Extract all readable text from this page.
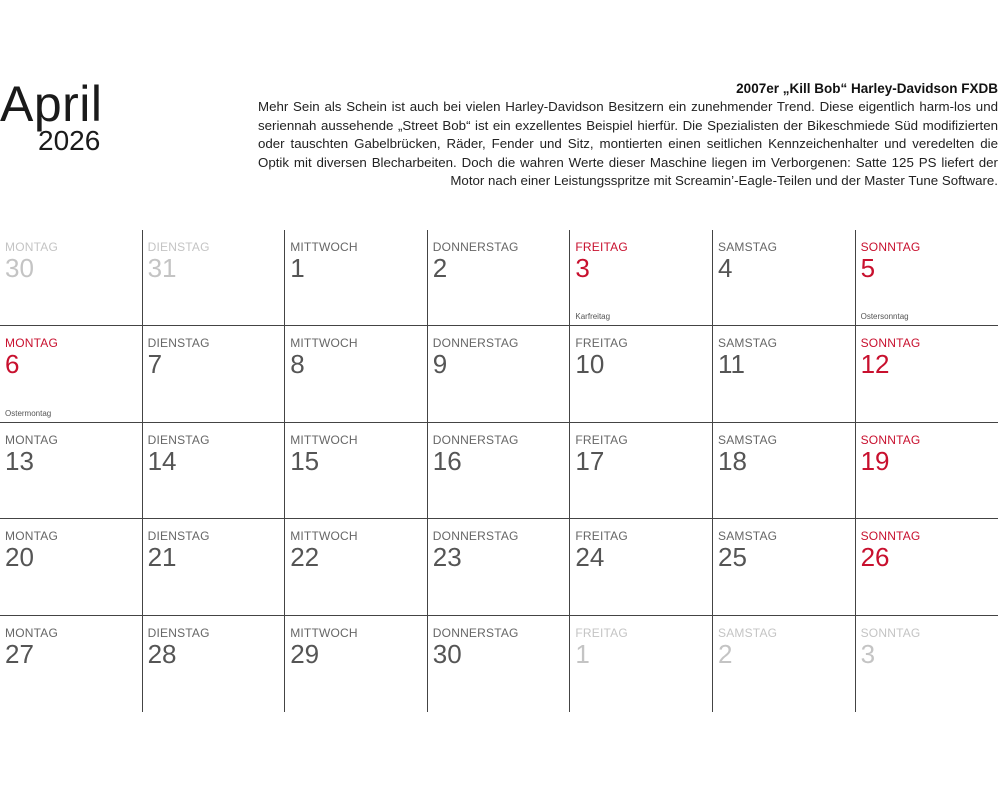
April
2026
2007er „Kill Bob“ Harley-Davidson FXDB
Mehr Sein als Schein ist auch bei vielen Harley-Davidson Besitzern ein zunehmender Trend. Diese eigentlich harm-los und seriennah aussehende „Street Bob“ ist ein exzellentes Beispiel hierfür. Die Spezialisten der Bikeschmiede Süd modifizierten oder tauschten Gabelbrücken, Räder, Fender und Sitz, montierten einen seitlichen Kennzeichenhalter und veredelten die Optik mit diversen Blecharbeiten. Doch die wahren Werte dieser Maschine liegen im Verborgenen: Satte 125 PS liefert der Motor nach einer Leistungsspritze mit Screamin’-Eagle-Teilen und der Master Tune Software.
MONTAG
30
DIENSTAG
31
MITTWOCH
1
DONNERSTAG
2
FREITAG
3
Karfreitag
SAMSTAG
4
SONNTAG
5
Ostersonntag
MONTAG
6
Ostermontag
DIENSTAG
7
MITTWOCH
8
DONNERSTAG
9
FREITAG
10
SAMSTAG
11
SONNTAG
12
MONTAG
13
DIENSTAG
14
MITTWOCH
15
DONNERSTAG
16
FREITAG
17
SAMSTAG
18
SONNTAG
19
MONTAG
20
DIENSTAG
21
MITTWOCH
22
DONNERSTAG
23
FREITAG
24
SAMSTAG
25
SONNTAG
26
MONTAG
27
DIENSTAG
28
MITTWOCH
29
DONNERSTAG
30
FREITAG
1
SAMSTAG
2
SONNTAG
3
